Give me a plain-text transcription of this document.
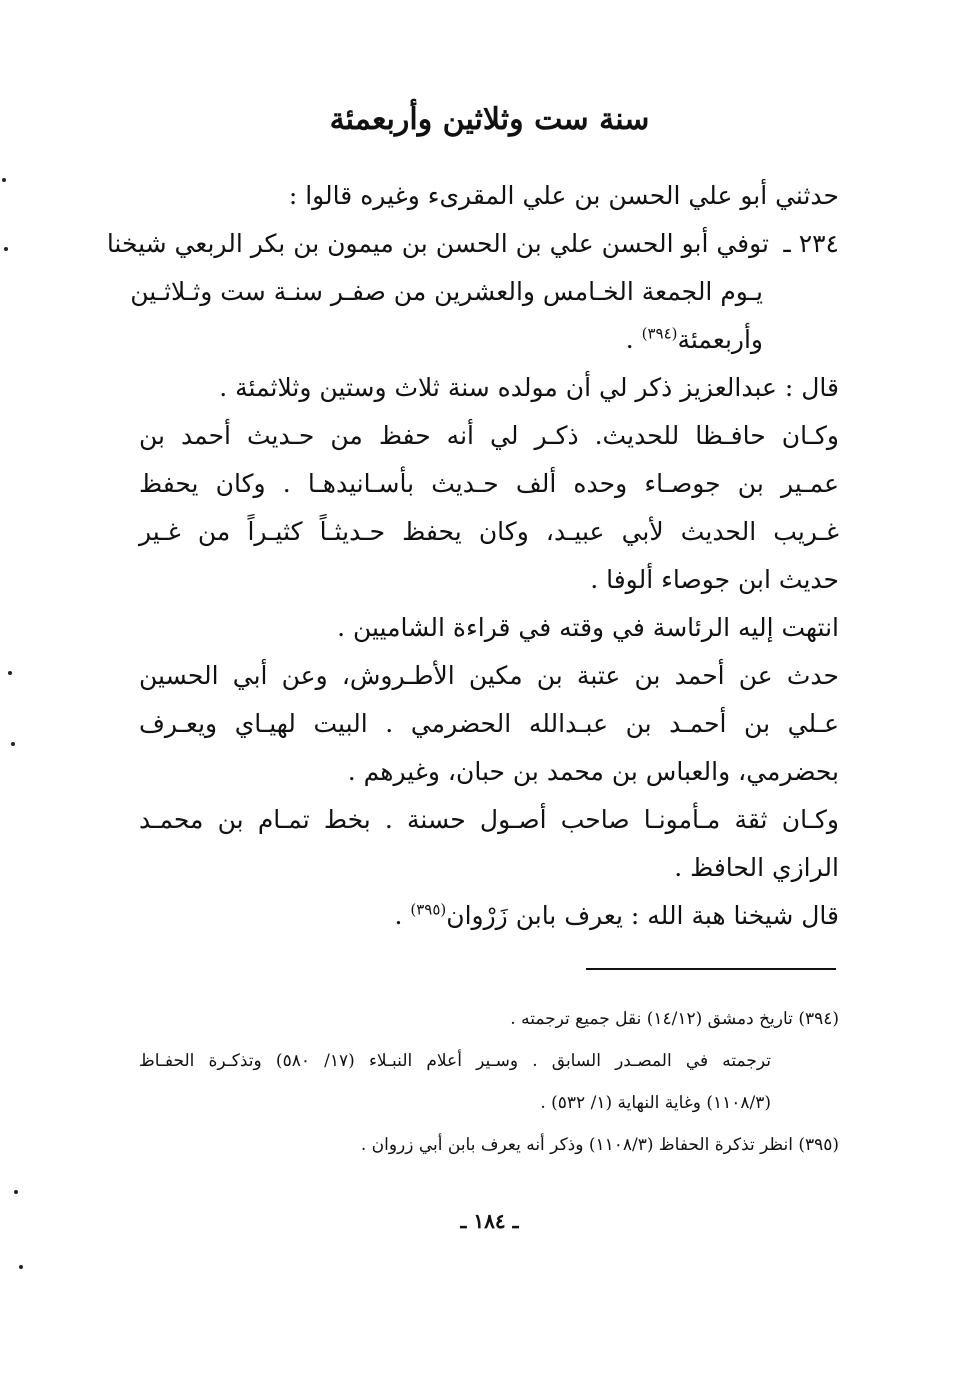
سنة ست وثلاثين وأربعمئة
حدثني أبو علي الحسن بن علي المقرىء وغيره قالوا :
٢٣٤ ـ
توفي أبو الحسن علي بن الحسن بن ميمون بن بكر الربعي شيخنا
يـوم الجمعة الخـامس والعشرين من صفـر سنـة ست وثـلاثـين
وأربعمئة$^{(٣٩٤)}$ .
قال : عبدالعزيز ذكر لي أن مولده سنة ثلاث وستين وثلاثمئة .
وكـان حافـظا للحديث. ذكـر لي أنه حفظ من حـديث أحمد بن
عمـير بن جوصـاء وحده ألف حـديث بأسـانيدهـا . وكان يحفظ
غـريب الحديث لأبي عبيـد، وكان يحفظ حـديثـاً كثيـراً من غـير
حديث ابن جوصاء ألوفا .
انتهت إليه الرئاسة في وقته في قراءة الشاميين .
حدث عن أحمد بن عتبة بن مكين الأطـروش، وعن أبي الحسين
عـلي بن أحمـد بن عبـدالله الحضرمي . البيت لهيـاي ويعـرف
بحضرمي، والعباس بن محمد بن حبان، وغيرهم .
وكـان ثقة مـأمونـا صاحب أصـول حسنة . بخط تمـام بن محمـد
الرازي الحافظ .
قال شيخنا هبة الله : يعرف بابن زَرْوان$^{(٣٩٥)}$ .
(٣٩٤) تاريخ دمشق (١٤/١٢) نقل جميع ترجمته .
ترجمته في المصـدر السابق . وسـير أعلام النبـلاء (١٧/ ٥٨٠) وتذكـرة الحفـاظ
(١١٠٨/٣) وغاية النهاية (١/ ٥٣٢) .
(٣٩٥) انظر تذكرة الحفاظ (١١٠٨/٣) وذكر أنه يعرف بابن أبي زروان .
ـ ١٨٤ ـ
